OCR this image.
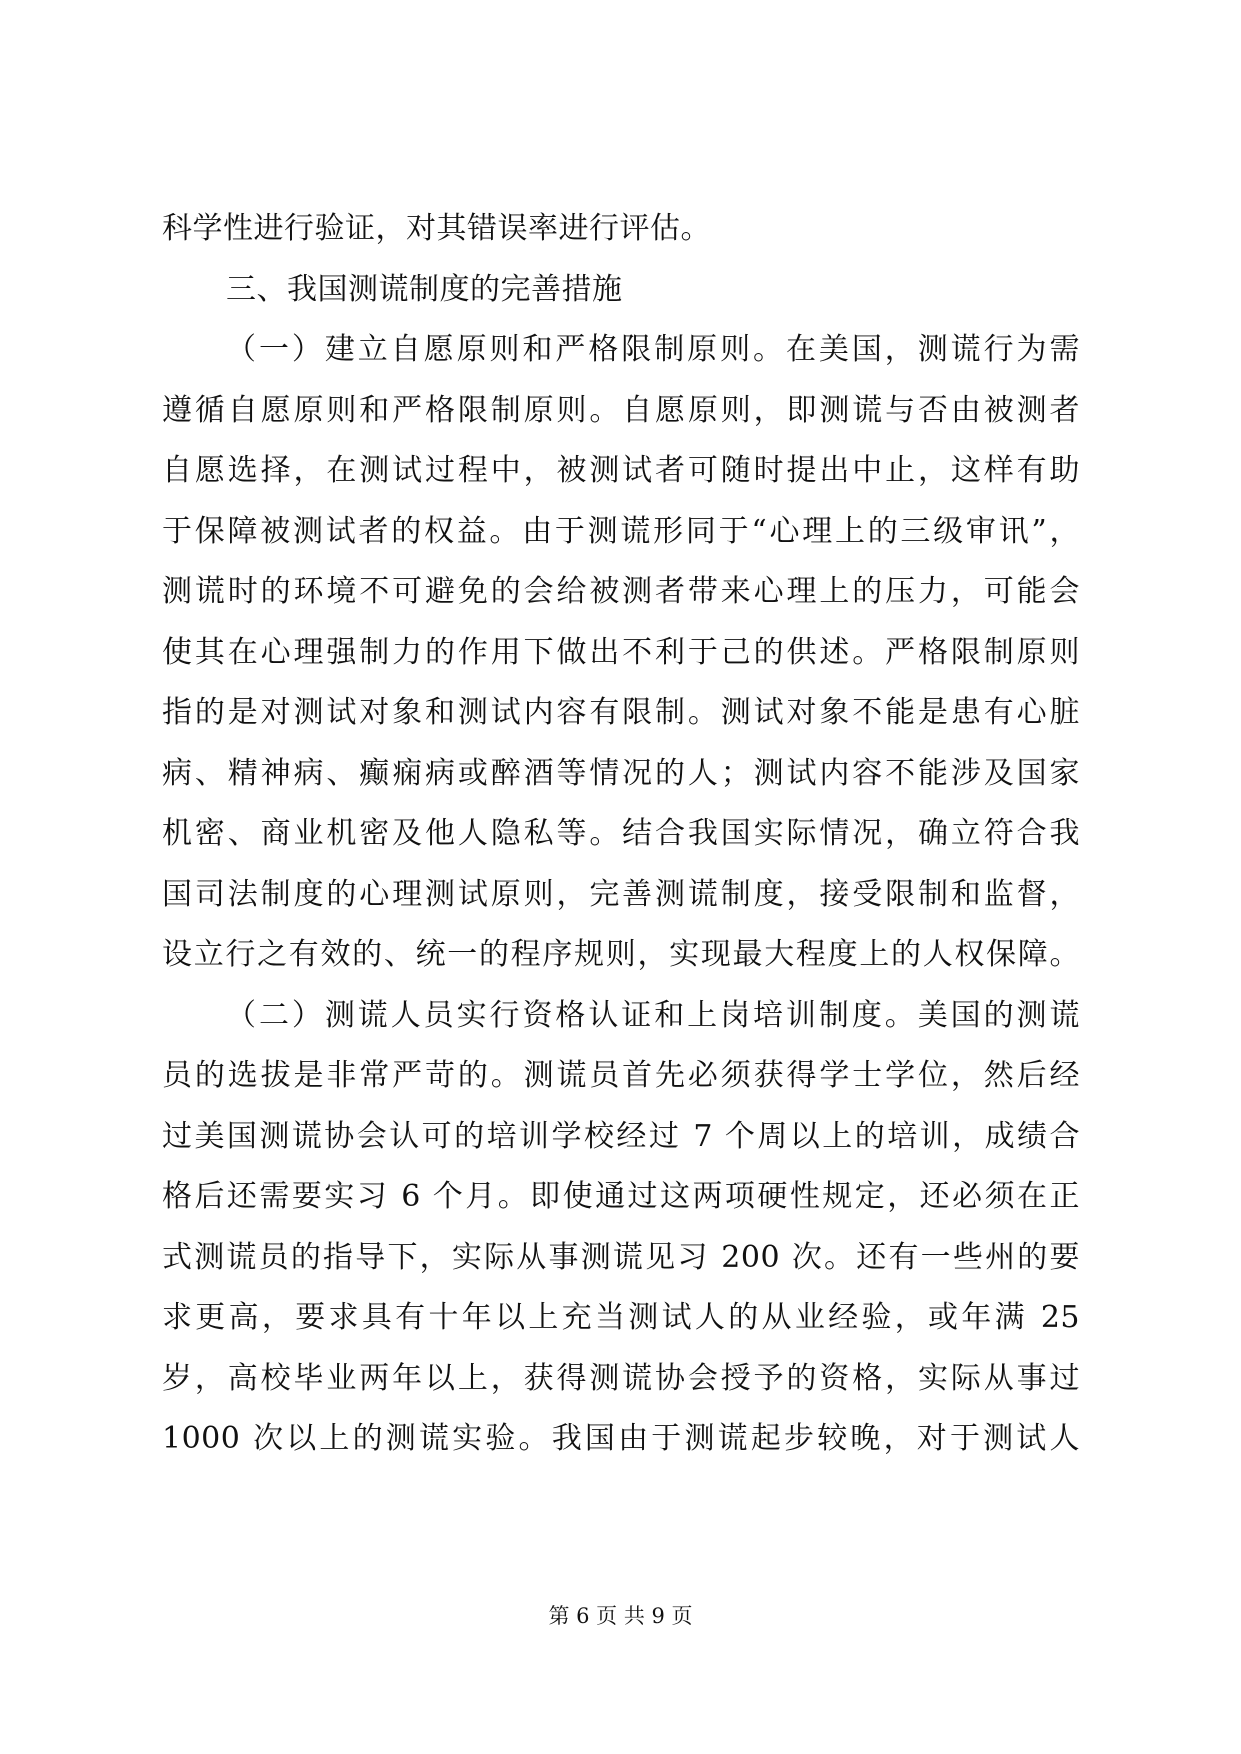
科学性进行验证，对其错误率进行评估。
三、我国测谎制度的完善措施
（一）建立自愿原则和严格限制原则。在美国，测谎行为需
遵循自愿原则和严格限制原则。自愿原则，即测谎与否由被测者
自愿选择，在测试过程中，被测试者可随时提出中止，这样有助
于保障被测试者的权益。由于测谎形同于“心理上的三级审讯”，
测谎时的环境不可避免的会给被测者带来心理上的压力，可能会
使其在心理强制力的作用下做出不利于己的供述。严格限制原则
指的是对测试对象和测试内容有限制。测试对象不能是患有心脏
病、精神病、癫痫病或醉酒等情况的人；测试内容不能涉及国家
机密、商业机密及他人隐私等。结合我国实际情况，确立符合我
国司法制度的心理测试原则，完善测谎制度，接受限制和监督，
设立行之有效的、统一的程序规则，实现最大程度上的人权保障。
（二）测谎人员实行资格认证和上岗培训制度。美国的测谎
员的选拔是非常严苛的。测谎员首先必须获得学士学位，然后经
过美国测谎协会认可的培训学校经过 7 个周以上的培训，成绩合
格后还需要实习 6 个月。即使通过这两项硬性规定，还必须在正
式测谎员的指导下，实际从事测谎见习 200 次。还有一些州的要
求更高，要求具有十年以上充当测试人的从业经验，或年满 25
岁，高校毕业两年以上，获得测谎协会授予的资格，实际从事过
1000 次以上的测谎实验。我国由于测谎起步较晚，对于测试人
第 6 页 共 9 页
